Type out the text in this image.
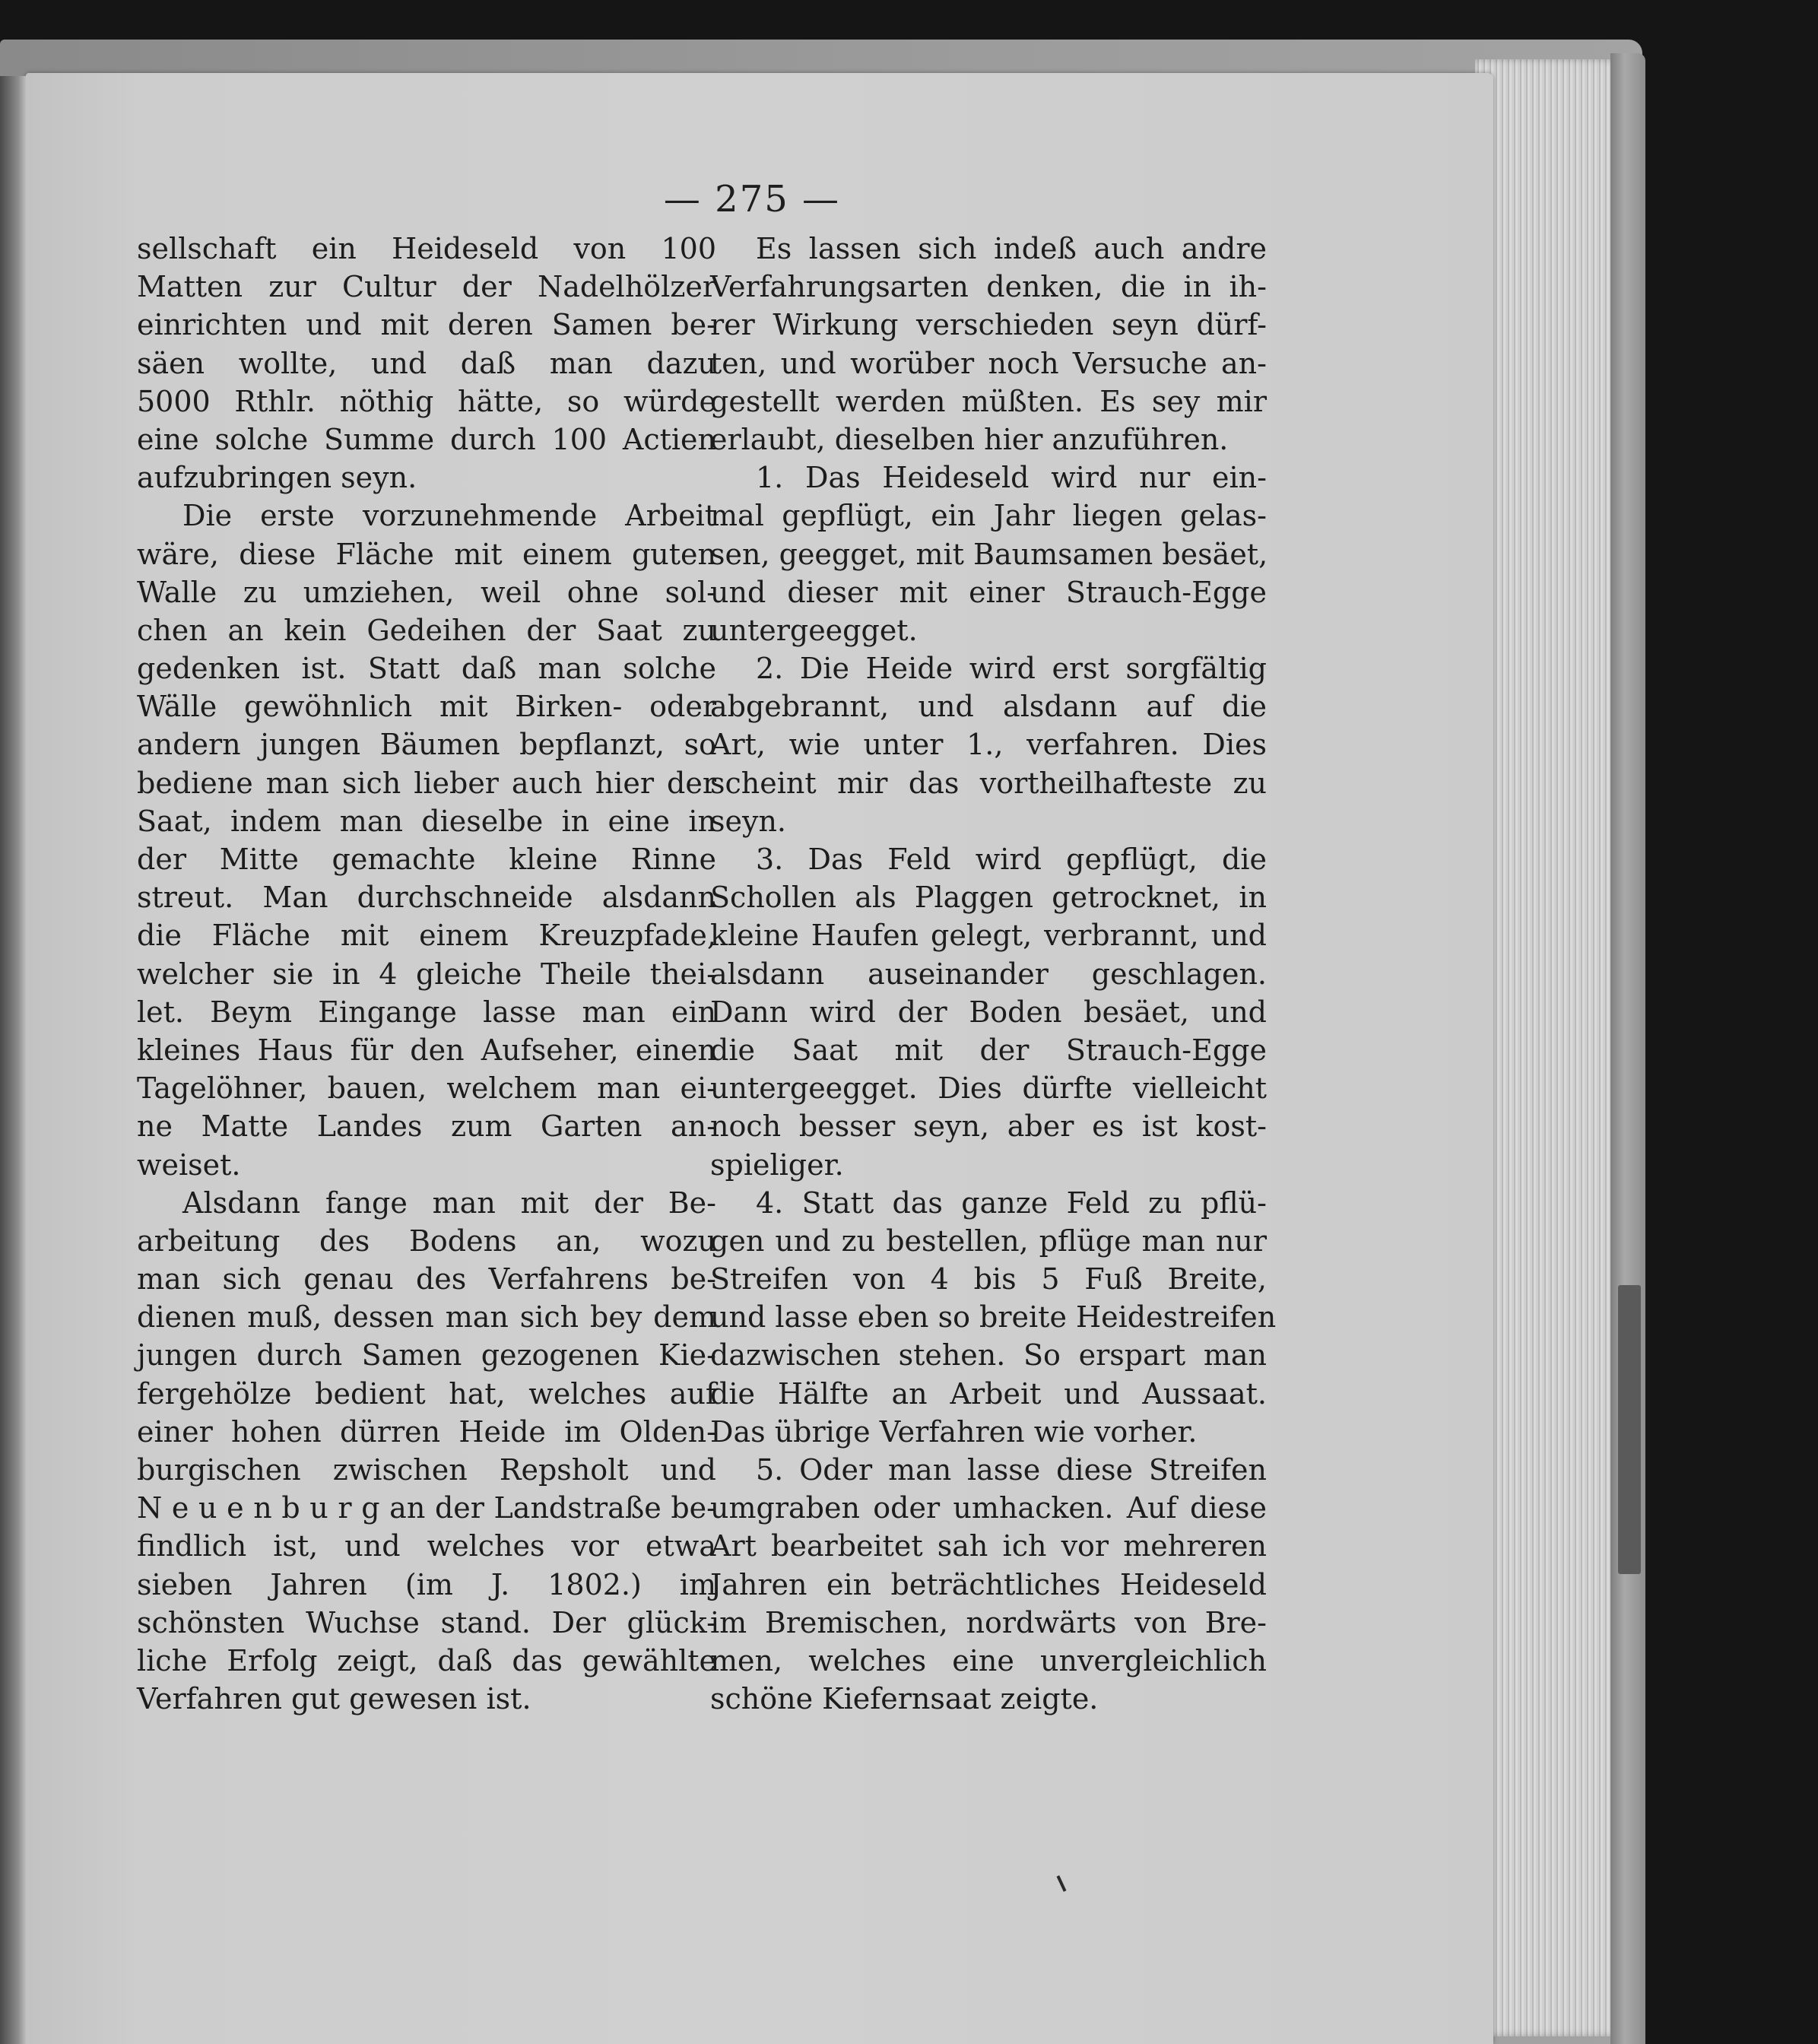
— 275 —
sellschaft ein Heideseld von 100
Matten zur Cultur der Nadelhölzer
einrichten und mit deren Samen be-
säen wollte, und daß man dazu
5000 Rthlr. nöthig hätte, so würde
eine solche Summe durch 100 Actien
aufzubringen seyn.
Die erste vorzunehmende Arbeit
wäre, diese Fläche mit einem guten
Walle zu umziehen, weil ohne sol-
chen an kein Gedeihen der Saat zu
gedenken ist. Statt daß man solche
Wälle gewöhnlich mit Birken- oder
andern jungen Bäumen bepflanzt, so
bediene man sich lieber auch hier der
Saat, indem man dieselbe in eine in
der Mitte gemachte kleine Rinne
streut. Man durchschneide alsdann
die Fläche mit einem Kreuzpfade,
welcher sie in 4 gleiche Theile thei-
let. Beym Eingange lasse man ein
kleines Haus für den Aufseher, einen
Tagelöhner, bauen, welchem man ei-
ne Matte Landes zum Garten an-
weiset.
Alsdann fange man mit der Be-
arbeitung des Bodens an, wozu
man sich genau des Verfahrens be-
dienen muß, dessen man sich bey dem
jungen durch Samen gezogenen Kie-
fergehölze bedient hat, welches auf
einer hohen dürren Heide im Olden-
burgischen zwischen Repsholt und
N e u e n b u r g an der Landstraße be-
findlich ist, und welches vor etwa
sieben Jahren (im J. 1802.) im
schönsten Wuchse stand. Der glück-
liche Erfolg zeigt, daß das gewählte
Verfahren gut gewesen ist.
Es lassen sich indeß auch andre
Verfahrungsarten denken, die in ih-
rer Wirkung verschieden seyn dürf-
ten, und worüber noch Versuche an-
gestellt werden müßten. Es sey mir
erlaubt, dieselben hier anzuführen.
1. Das Heideseld wird nur ein-
mal gepflügt, ein Jahr liegen gelas-
sen, geegget, mit Baumsamen besäet,
und dieser mit einer Strauch-Egge
untergeegget.
2. Die Heide wird erst sorgfältig
abgebrannt, und alsdann auf die
Art, wie unter 1., verfahren. Dies
scheint mir das vortheilhafteste zu
seyn.
3. Das Feld wird gepflügt, die
Schollen als Plaggen getrocknet, in
kleine Haufen gelegt, verbrannt, und
alsdann auseinander geschlagen.
Dann wird der Boden besäet, und
die Saat mit der Strauch-Egge
untergeegget. Dies dürfte vielleicht
noch besser seyn, aber es ist kost-
spieliger.
4. Statt das ganze Feld zu pflü-
gen und zu bestellen, pflüge man nur
Streifen von 4 bis 5 Fuß Breite,
und lasse eben so breite Heidestreifen
dazwischen stehen. So erspart man
die Hälfte an Arbeit und Aussaat.
Das übrige Verfahren wie vorher.
5. Oder man lasse diese Streifen
umgraben oder umhacken. Auf diese
Art bearbeitet sah ich vor mehreren
Jahren ein beträchtliches Heideseld
im Bremischen, nordwärts von Bre-
men, welches eine unvergleichlich
schöne Kiefernsaat zeigte.
